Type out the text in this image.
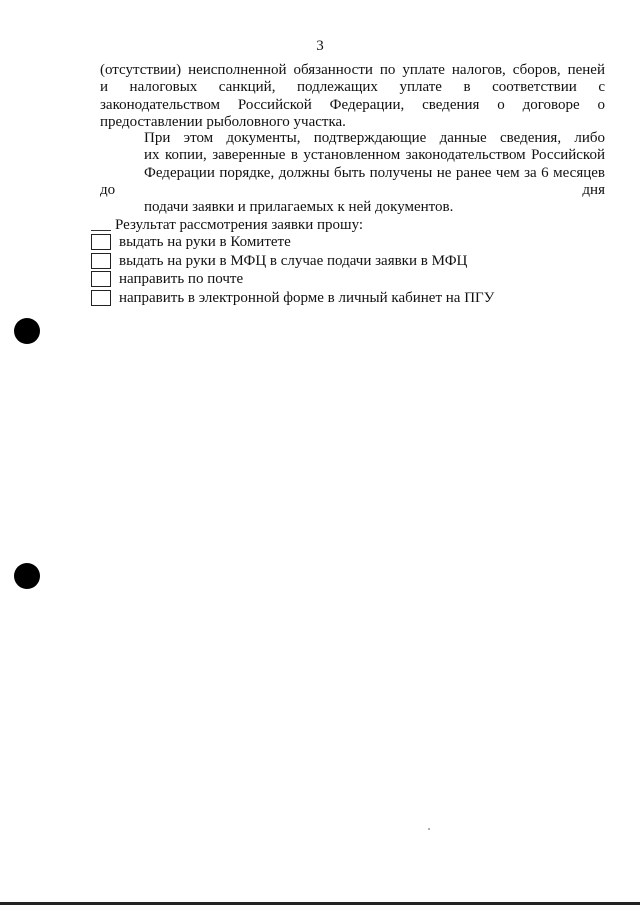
3
(отсутствии) неисполненной обязанности по уплате налогов, сборов, пеней
и налоговых санкций, подлежащих уплате в соответствии с
законодательством Российской Федерации, сведения о договоре о
предоставлении рыболовного участка.
При этом документы, подтверждающие данные сведения, либо
их копии, заверенные в установленном законодательством Российской
Федерации порядке, должны быть получены не ранее чем за 6 месяцев до дня
подачи заявки и прилагаемых к ней документов.
Результат рассмотрения заявки прошу:
выдать на руки в Комитете
выдать на руки в МФЦ в случае подачи заявки в МФЦ
направить по почте
направить в электронной форме в личный кабинет на ПГУ
